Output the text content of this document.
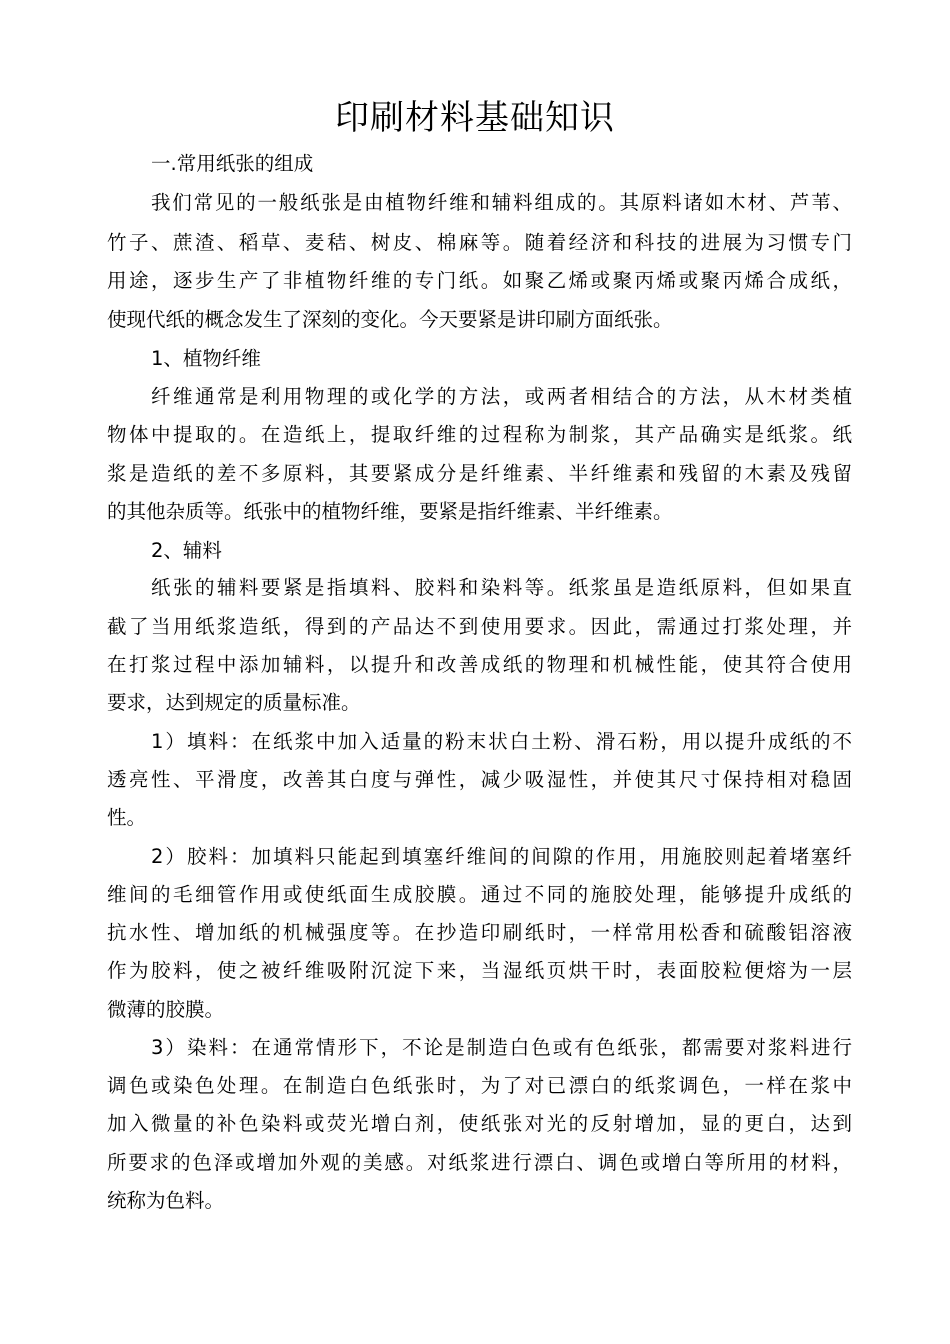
印刷材料基础知识
一.常用纸张的组成
我们常见的一般纸张是由植物纤维和辅料组成的。其原料诸如木材、芦苇、
竹子、蔗渣、稻草、麦秸、树皮、棉麻等。随着经济和科技的进展为习惯专门
用途，逐步生产了非植物纤维的专门纸。如聚乙烯或聚丙烯或聚丙烯合成纸，
使现代纸的概念发生了深刻的变化。今天要紧是讲印刷方面纸张。
1、植物纤维
纤维通常是利用物理的或化学的方法，或两者相结合的方法，从木材类植
物体中提取的。在造纸上，提取纤维的过程称为制浆，其产品确实是纸浆。纸
浆是造纸的差不多原料，其要紧成分是纤维素、半纤维素和残留的木素及残留
的其他杂质等。纸张中的植物纤维，要紧是指纤维素、半纤维素。
2、辅料
纸张的辅料要紧是指填料、胶料和染料等。纸浆虽是造纸原料，但如果直
截了当用纸浆造纸，得到的产品达不到使用要求。因此，需通过打浆处理，并
在打浆过程中添加辅料，以提升和改善成纸的物理和机械性能，使其符合使用
要求，达到规定的质量标准。
1）填料：在纸浆中加入适量的粉末状白土粉、滑石粉，用以提升成纸的不
透亮性、平滑度，改善其白度与弹性，减少吸湿性，并使其尺寸保持相对稳固
性。
2）胶料：加填料只能起到填塞纤维间的间隙的作用，用施胶则起着堵塞纤
维间的毛细管作用或使纸面生成胶膜。通过不同的施胶处理，能够提升成纸的
抗水性、增加纸的机械强度等。在抄造印刷纸时，一样常用松香和硫酸铝溶液
作为胶料，使之被纤维吸附沉淀下来，当湿纸页烘干时，表面胶粒便熔为一层
微薄的胶膜。
3）染料：在通常情形下，不论是制造白色或有色纸张，都需要对浆料进行
调色或染色处理。在制造白色纸张时，为了对已漂白的纸浆调色，一样在浆中
加入微量的补色染料或荧光增白剂，使纸张对光的反射增加，显的更白，达到
所要求的色泽或增加外观的美感。对纸浆进行漂白、调色或增白等所用的材料，
统称为色料。
